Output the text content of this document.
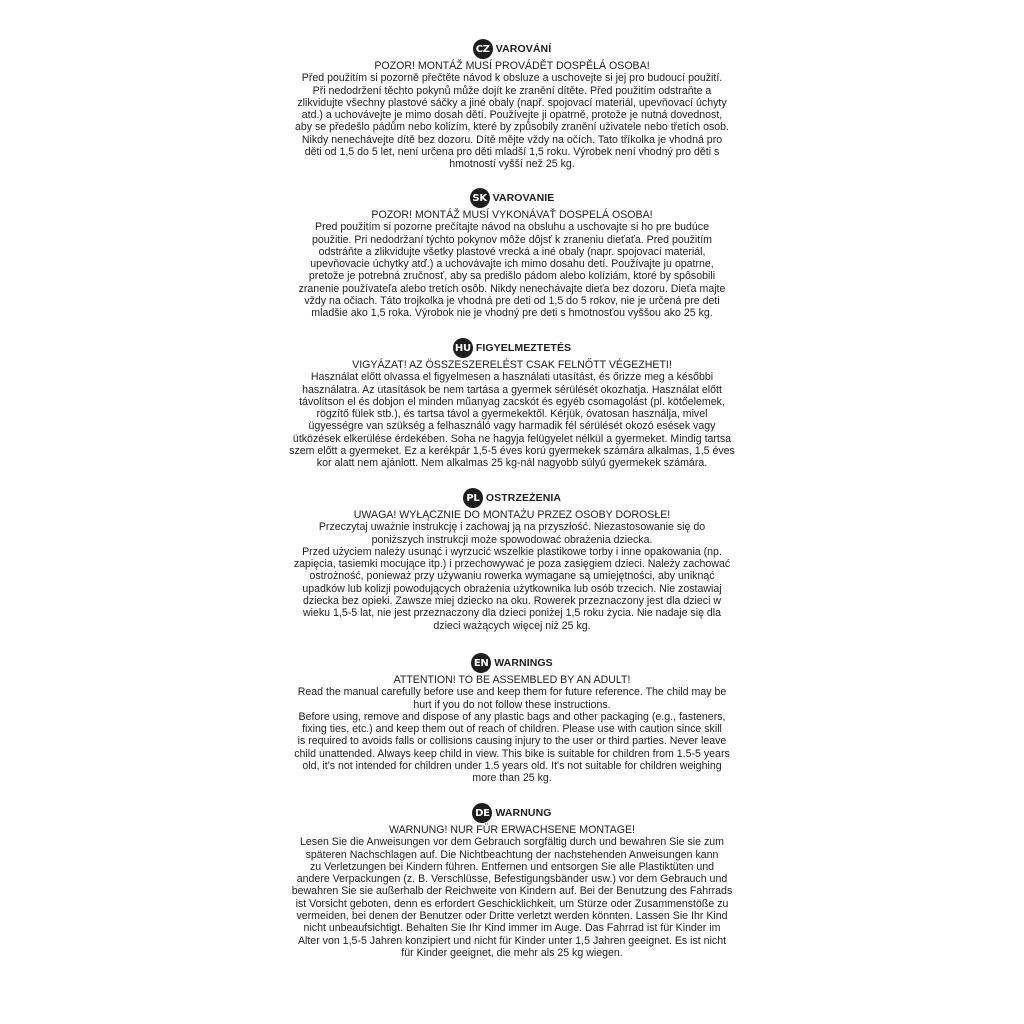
CZ VAROVÁNÍ
POZOR! MONTÁŽ MUSÍ PROVÁDĚT DOSPĚLÁ OSOBA!
Před použitím si pozorně přečtěte návod k obsluze a uschovejte si jej pro budoucí použití.
Při nedodržení těchto pokynů může dojít ke zranění dítěte. Před použitím odstraňte a
zlikvidujte všechny plastové sáčky a jiné obaly (např. spojovací materiál, upevňovací úchyty
atd.) a uchovávejte je mimo dosah dětí. Používejte ji opatrně, protože je nutná dovednost,
aby se předešlo pádům nebo kolizím, které by způsobily zranění uživatele nebo třetích osob.
Nikdy nenechávejte dítě bez dozoru. Dítě mějte vždy na očích. Tato tříkolka je vhodná pro
děti od 1,5 do 5 let, není určena pro děti mladší 1,5 roku. Výrobek není vhodný pro děti s
hmotností vyšší než 25 kg.
SK VAROVANIE
POZOR! MONTÁŽ MUSÍ VYKONÁVAŤ DOSPELÁ OSOBA!
Pred použitím si pozorne prečítajte návod na obsluhu a uschovajte si ho pre budúce
použitie. Pri nedodržaní týchto pokynov môže dôjsť k zraneniu dieťaťa. Pred použitím
odstráňte a zlikvidujte všetky plastové vrecká a iné obaly (napr. spojovací materiál,
upevňovacie úchytky atď.) a uchovávajte ich mimo dosahu detí. Používajte ju opatrne,
pretože je potrebná zručnosť, aby sa predišlo pádom alebo kolíziám, ktoré by spôsobili
zranenie používateľa alebo tretích osôb. Nikdy nenechávajte dieťa bez dozoru. Dieťa majte
vždy na očiach. Táto trojkolka je vhodná pre deti od 1,5 do 5 rokov, nie je určená pre deti
mladšie ako 1,5 roka. Výrobok nie je vhodný pre deti s hmotnosťou vyššou ako 25 kg.
HU FIGYELMEZTETÉS
VIGYÁZAT! AZ ÖSSZESZERELÉST CSAK FELNŐTT VÉGEZHETI!
Használat előtt olvassa el figyelmesen a használati utasítást, és őrizze meg a későbbi
használatra. Az utasítások be nem tartása a gyermek sérülését okozhatja. Használat előtt
távolítson el és dobjon el minden műanyag zacskót és egyéb csomagolást (pl. kötőelemek,
rögzítő fülek stb.), és tartsa távol a gyermekektől. Kérjük, óvatosan használja, mivel
ügyességre van szükség a felhasználó vagy harmadik fél sérülését okozó esések vagy
ütközések elkerülése érdekében. Soha ne hagyja felügyelet nélkül a gyermeket. Mindig tartsa
szem előtt a gyermeket. Ez a kerékpár 1,5-5 éves korú gyermekek számára alkalmas, 1,5 éves
kor alatt nem ajánlott. Nem alkalmas 25 kg-nál nagyobb súlyú gyermekek számára.
PL OSTRZEŻENIA
UWAGA! WYŁĄCZNIE DO MONTAŻU PRZEZ OSOBY DOROSŁE!
Przeczytaj uważnie instrukcję i zachowaj ją na przyszłość. Niezastosowanie się do
poniższych instrukcji może spowodować obrażenia dziecka.
Przed użyciem należy usunąć i wyrzucić wszelkie plastikowe torby i inne opakowania (np.
zapięcia, tasiemki mocujące itp.) i przechowywać je poza zasięgiem dzieci. Należy zachować
ostrożność, ponieważ przy używaniu rowerka wymagane są umiejętności, aby uniknąć
upadków lub kolizji powodujących obrażenia użytkownika lub osób trzecich. Nie zostawiaj
dziecka bez opieki. Zawsze miej dziecko na oku. Rowerek przeznaczony jest dla dzieci w
wieku 1,5-5 lat, nie jest przeznaczony dla dzieci poniżej 1,5 roku życia. Nie nadaje się dla
dzieci ważących więcej niż 25 kg.
EN WARNINGS
ATTENTION! TO BE ASSEMBLED BY AN ADULT!
Read the manual carefully before use and keep them for future reference. The child may be
hurt if you do not follow these instructions.
Before using, remove and dispose of any plastic bags and other packaging (e.g., fasteners,
fixing ties, etc.) and keep them out of reach of children. Please use with caution since skill
is required to avoids falls or collisions causing injury to the user or third parties. Never leave
child unattended. Always keep child in view. This bike is suitable for children from 1.5-5 years
old, it's not intended for children under 1.5 years old. It's not suitable for children weighing
more than 25 kg.
DE WARNUNG
WARNUNG! NUR FÜR ERWACHSENE MONTAGE!
Lesen Sie die Anweisungen vor dem Gebrauch sorgfältig durch und bewahren Sie sie zum
späteren Nachschlagen auf. Die Nichtbeachtung der nachstehenden Anweisungen kann
zu Verletzungen bei Kindern führen. Entfernen und entsorgen Sie alle Plastiktüten und
andere Verpackungen (z. B. Verschlüsse, Befestigungsbänder usw.) vor dem Gebrauch und
bewahren Sie sie außerhalb der Reichweite von Kindern auf. Bei der Benutzung des Fahrrads
ist Vorsicht geboten, denn es erfordert Geschicklichkeit, um Stürze oder Zusammenstöße zu
vermeiden, bei denen der Benutzer oder Dritte verletzt werden könnten. Lassen Sie Ihr Kind
nicht unbeaufsichtigt. Behalten Sie Ihr Kind immer im Auge. Das Fahrrad ist für Kinder im
Alter von 1,5-5 Jahren konzipiert und nicht für Kinder unter 1,5 Jahren geeignet. Es ist nicht
für Kinder geeignet, die mehr als 25 kg wiegen.
